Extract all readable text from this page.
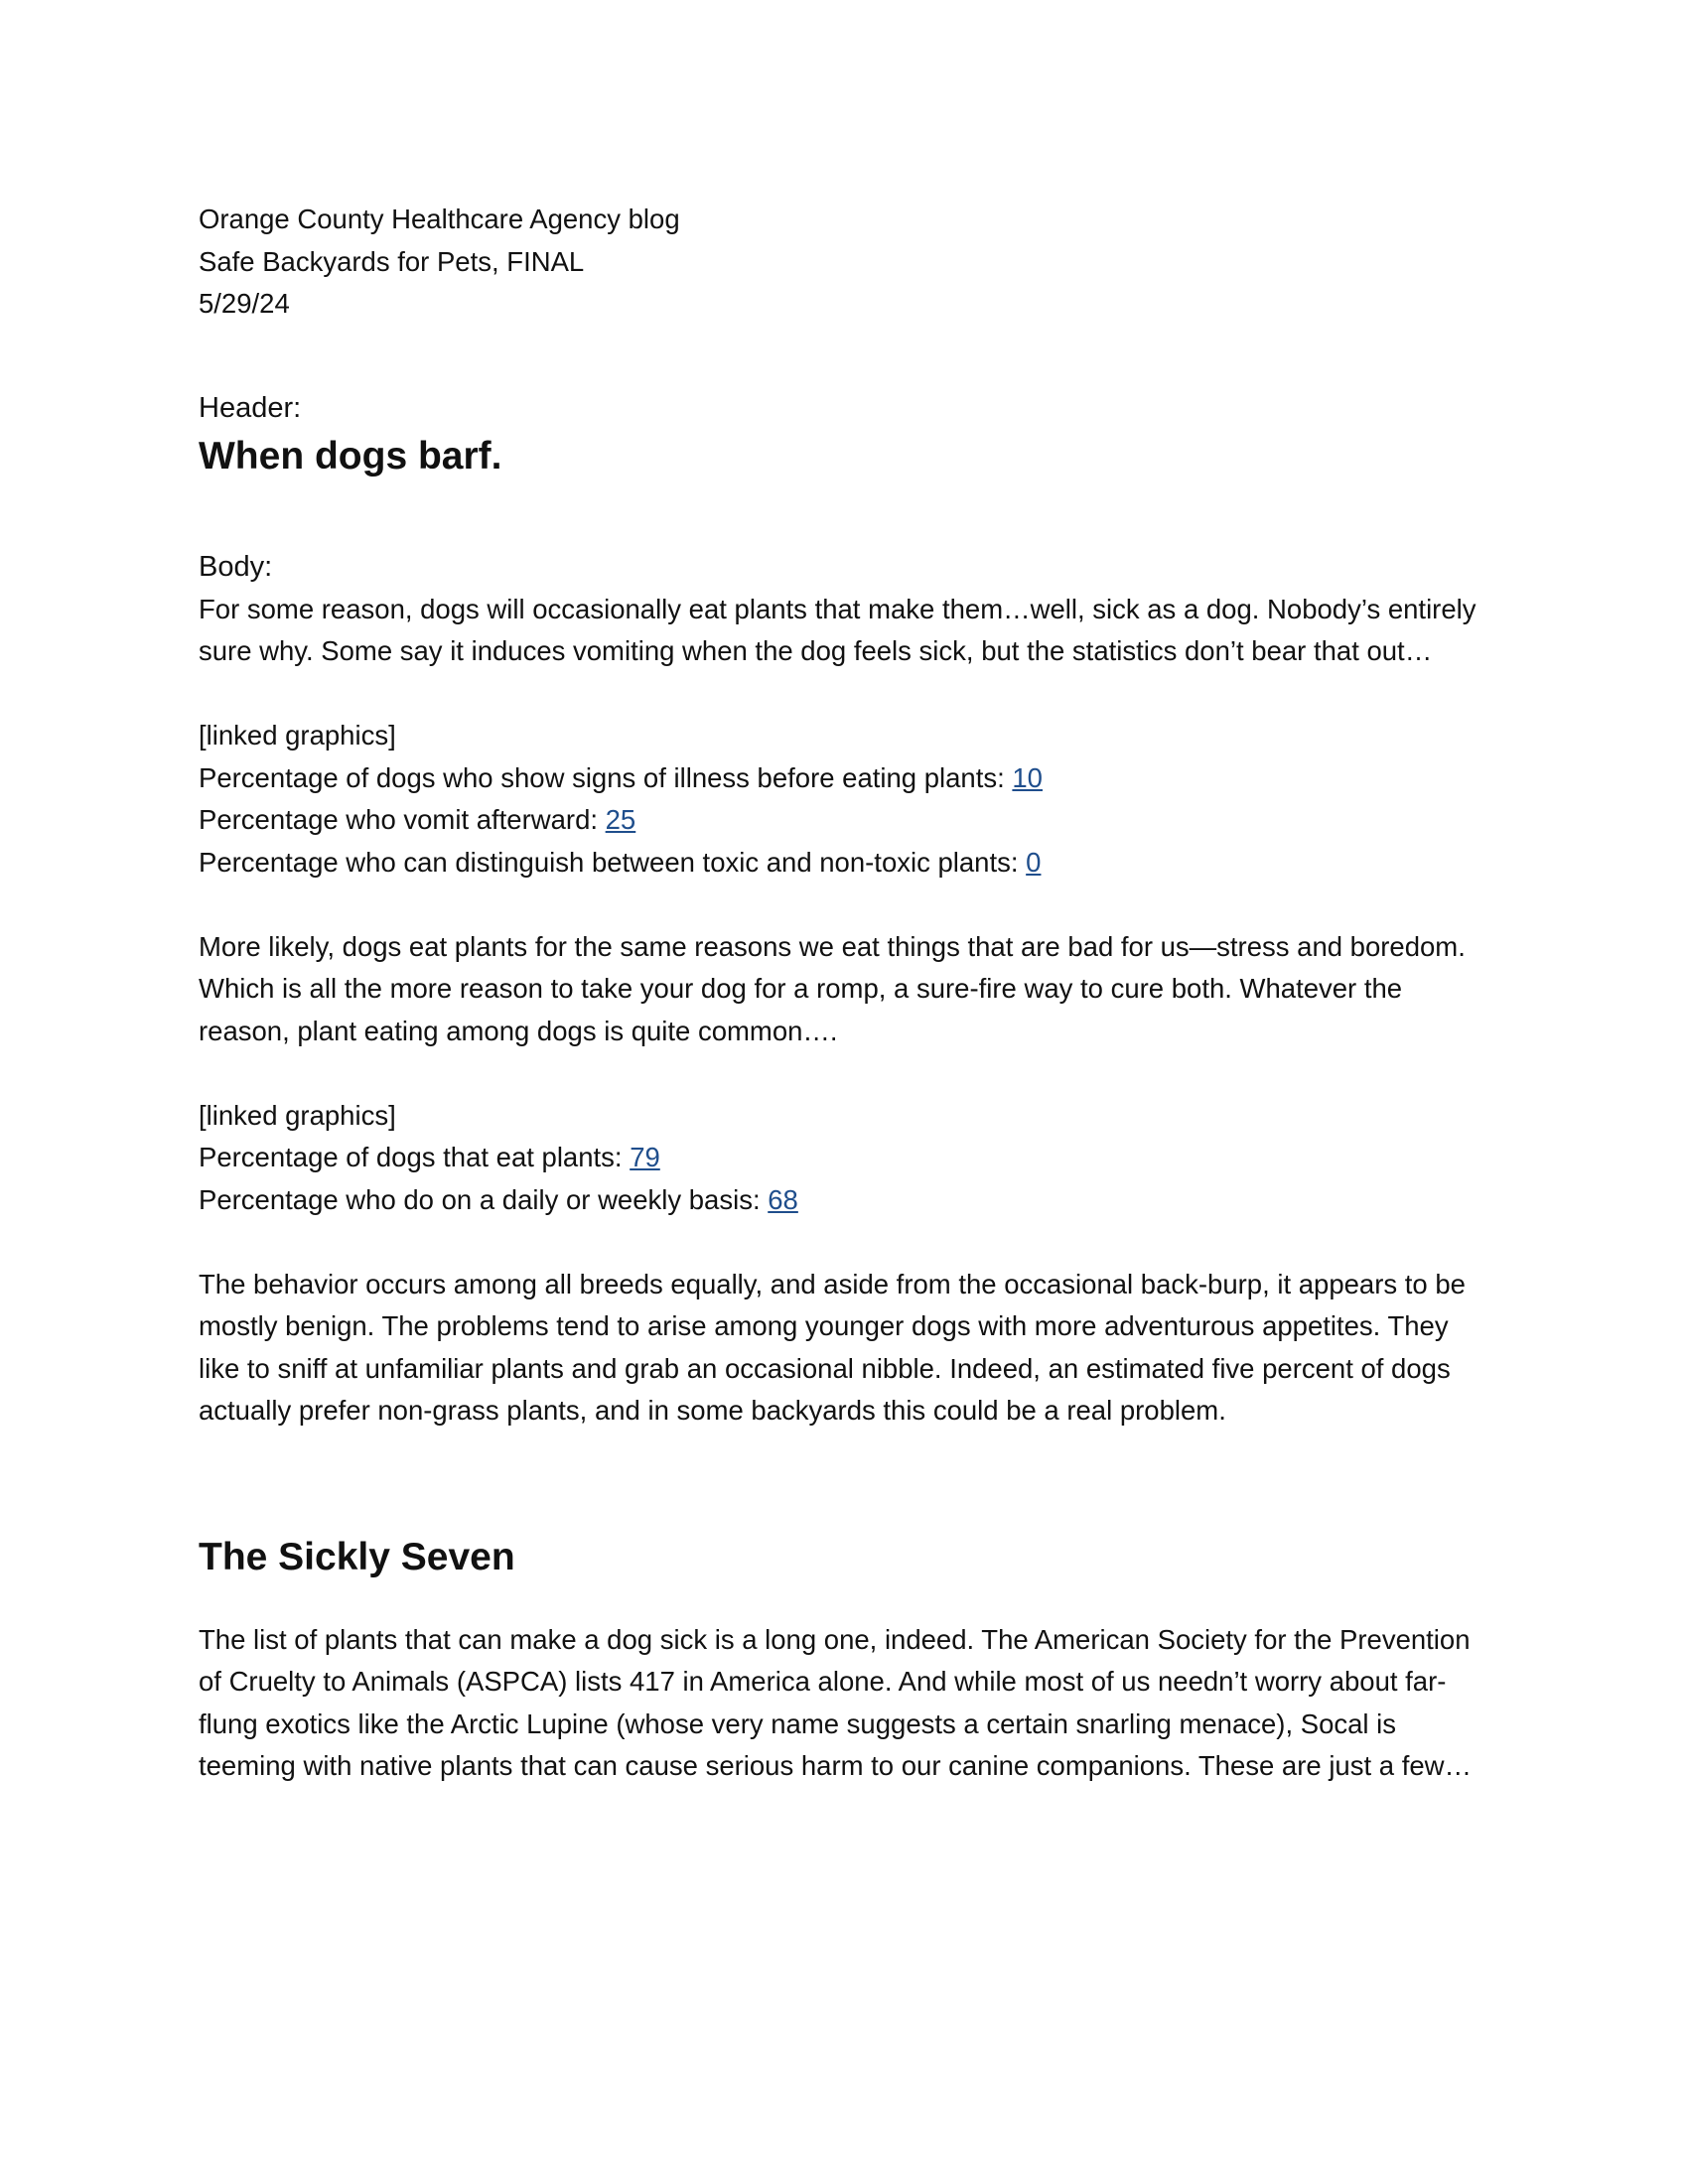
Orange County Healthcare Agency blog
Safe Backyards for Pets, FINAL
5/29/24
Header:
When dogs barf.
Body:

For some reason, dogs will occasionally eat plants that make them…well, sick as a dog. Nobody’s entirely sure why. Some say it induces vomiting when the dog feels sick, but the statistics don’t bear that out…

[linked graphics]
Percentage of dogs who show signs of illness before eating plants: 10
Percentage who vomit afterward: 25
Percentage who can distinguish between toxic and non-toxic plants: 0

More likely, dogs eat plants for the same reasons we eat things that are bad for us—stress and boredom. Which is all the more reason to take your dog for a romp, a sure-fire way to cure both. Whatever the reason, plant eating among dogs is quite common….

[linked graphics]
Percentage of dogs that eat plants: 79
Percentage who do on a daily or weekly basis: 68

The behavior occurs among all breeds equally, and aside from the occasional back-burp, it appears to be mostly benign. The problems tend to arise among younger dogs with more adventurous appetites. They like to sniff at unfamiliar plants and grab an occasional nibble. Indeed, an estimated five percent of dogs actually prefer non-grass plants, and in some backyards this could be a real problem.

The Sickly Seven

The list of plants that can make a dog sick is a long one, indeed. The American Society for the Prevention of Cruelty to Animals (ASPCA) lists 417 in America alone. And while most of us needn’t worry about far-flung exotics like the Arctic Lupine (whose very name suggests a certain snarling menace), Socal is teeming with native plants that can cause serious harm to our canine companions. These are just a few…
